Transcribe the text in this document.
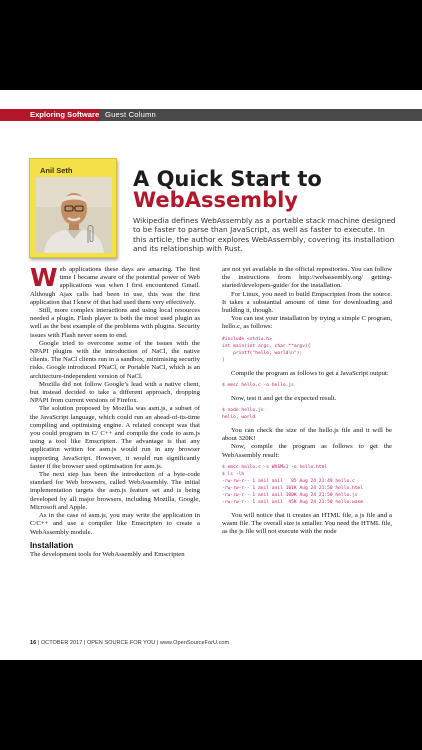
Exploring Software Guest Column
Anil Seth	A Quick Start to
WebAssembly
Wikipedia defines WebAssembly as a portable stack machine designed to be faster to parse than JavaScript, as well as faster to execute. In this article, the author explores WebAssembly, covering its installation and its relationship with Rust.

Web applications these days are amazing. The first time I became aware of the potential power of Web applications was when I first encountered Gmail. Although Ajax calls had been in use, this was the first application that I knew of that had used them very effectively.

Still, more complex interactions and using local resources needed a plugin. Flash player is both the most used plugin as well as the best example of the problems with plugins. Security issues with Flash never seem to end.

Google tried to overcome some of the issues with the NPAPI plugins with the introduction of NaCl, the native clients. The NaCl clients run in a sandbox, minimising security risks. Google introduced PNaCl, or Portable NaCl, which is an architecture-independent version of NaCl.

Mozilla did not follow Google’s lead with a native client, but instead decided to take a different approach, dropping NPAPI from current versions of Firefox.

The solution proposed by Mozilla was asm.js, a subset of the JavaScript language, which could run an ahead-of-its-time compiling and optimising engine. A related concept was that you could program in C/ C++ and compile the code to asm.js using a tool like Emscripten. The advantage is that any application written for asm.js would run in any browser supporting JavaScript. However, it would run significantly faster if the browser used optimisation for asm.js.

The next step has been the introduction of a byte-code standard for Web browsers, called WebAssembly. The initial implementation targets the asm.js feature set and is being developed by all major browsers, including Mozilla, Google, Microsoft and Apple.

As in the case of asm.js, you may write the application in C/C++ and use a compiler like Emscripten to create a WebAssembly module.

Installation

The development tools for WebAssembly and Emscripten

are not yet available in the official repositories. You can follow the instructions from http://webassembly.org/ getting-started/developers-guide/ for the installation.

For Linux, you need to build Empscripten from the source. It takes a substantial amount of time for downloading and building it, though.

You can test your installation by trying a simple C program, hello.c, as follows:

#include <stdio.h>
int main(int argc, char **argv){
printf("hello, world\n");
}

Compile the program as follows to get a JavaScript output:

$ emcc hello.c -o hello.js

Now, test it and get the expected result.

$ node hello.js
hello, world

You can check the size of the hello.js file and it will be about 320K!

Now, compile the program as follows to get the WebAssembly result:

$ emcc hello.c -s WASM=1 -o hello.html
$ ls -lh
-rw-rw-r-- 1 anil anil   85 Aug 24 21:49 hello.c
-rw-rw-r-- 1 anil anil 101K Aug 24 21:50 hello.html
-rw-rw-r-- 1 anil anil 100K Aug 24 21:50 hello.js
-rw-rw-r-- 1 anil anil  45K Aug 24 21:50 hello.wasm

You will notice that it creates an HTML file, a js file and a wasm file. The overall size is smaller. You need the HTML file, as the js file will not execute with the node

16 | OCTOBER 2017 | OPEN SOURCE FOR YOU | www.OpenSourceForU.com
